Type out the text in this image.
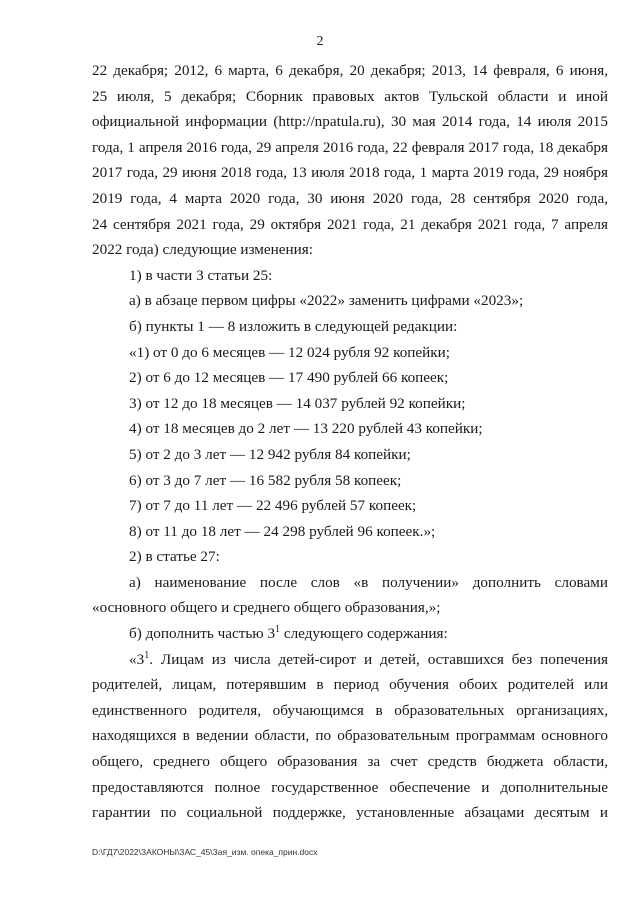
2
22 декабря; 2012, 6 марта, 6 декабря, 20 декабря; 2013, 14 февраля, 6 июня,
25 июля, 5 декабря; Сборник правовых актов Тульской области и иной
официальной информации (http://npatula.ru), 30 мая 2014 года, 14 июля 2015
года, 1 апреля 2016 года, 29 апреля 2016 года, 22 февраля 2017 года, 18 декабря
2017 года, 29 июня 2018 года, 13 июля 2018 года, 1 марта 2019 года, 29 ноября
2019 года, 4 марта 2020 года, 30 июня 2020 года, 28 сентября 2020 года,
24 сентября 2021 года, 29 октября 2021 года, 21 декабря 2021 года, 7 апреля
2022 года) следующие изменения:
1) в части 3 статьи 25:
а) в абзаце первом цифры «2022» заменить цифрами «2023»;
б) пункты 1 — 8 изложить в следующей редакции:
«1) от 0 до 6 месяцев — 12 024 рубля 92 копейки;
2) от 6 до 12 месяцев — 17 490 рублей 66 копеек;
3) от 12 до 18 месяцев — 14 037 рублей 92 копейки;
4) от 18 месяцев до 2 лет — 13 220 рублей 43 копейки;
5) от 2 до 3 лет — 12 942 рубля 84 копейки;
6) от 3 до 7 лет — 16 582 рубля 58 копеек;
7) от 7 до 11 лет — 22 496 рублей 57 копеек;
8) от 11 до 18 лет — 24 298 рублей 96 копеек.»;
2) в статье 27:
а) наименование после слов «в получении» дополнить словами
«основного общего и среднего общего образования,»;
б) дополнить частью $3^1$ следующего содержания:
«$3^1$ . Лицам из числа детей-сирот и детей, оставшихся без попечения
родителей, лицам, потерявшим в период обучения обоих родителей или
единственного родителя, обучающимся в образовательных организациях,
находящихся в ведении области, по образовательным программам основного
общего, среднего общего образования за счет средств бюджета области,
предоставляются полное государственное обеспечение и дополнительные
гарантии по социальной поддержке, установленные абзацами десятым и
D:\ГД7\2022\ЗАКОНЫ\ЗАС_45\Зая_изм. опека_прин.docx
